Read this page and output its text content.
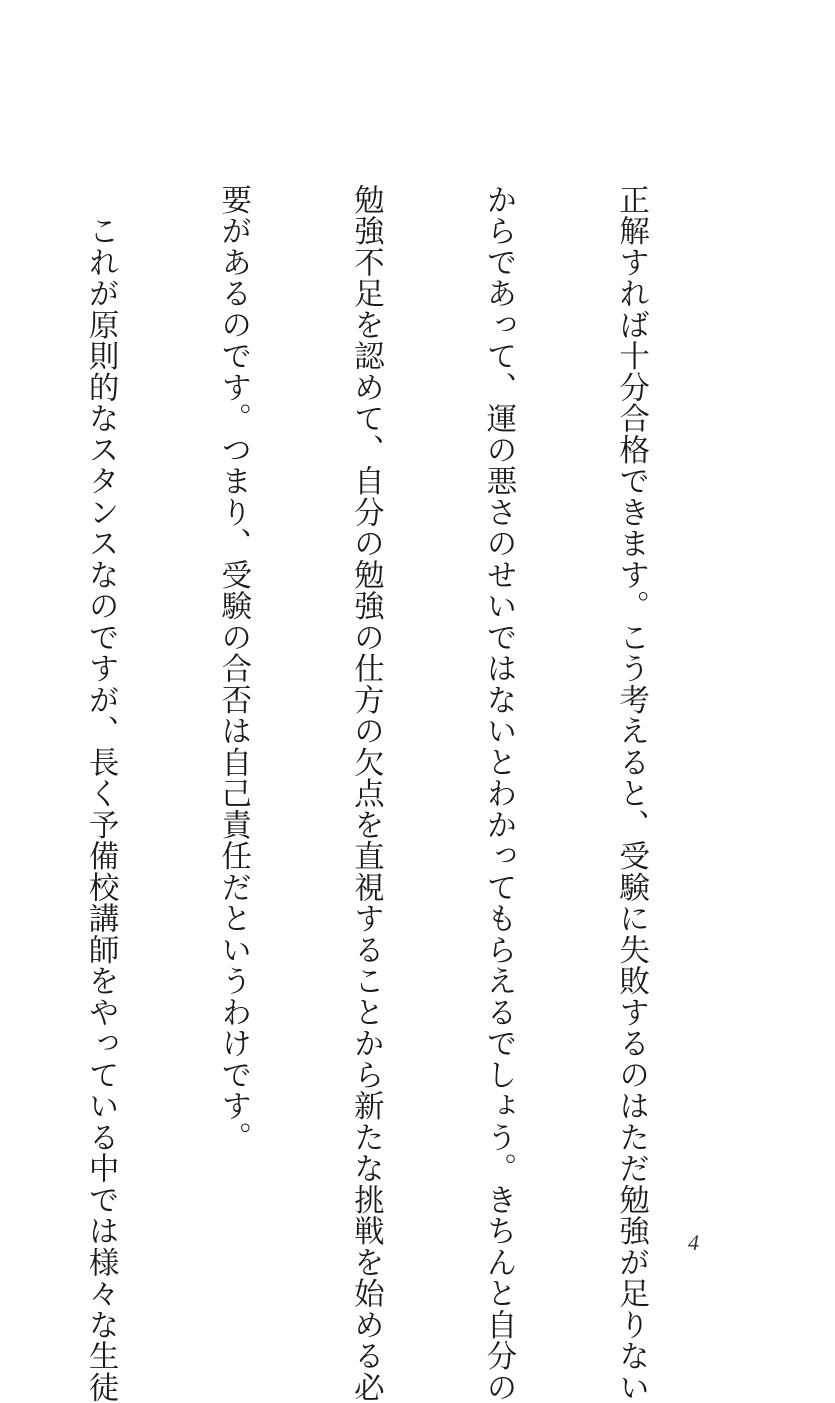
正解すれば十分合格できます。こう考えると、受験に失敗するのはただ勉強が足りない

からであって、運の悪さのせいではないとわかってもらえるでしょう。きちんと自分の

勉強不足を認めて、自分の勉強の仕方の欠点を直視することから新たな挑戦を始める必

要があるのです。つまり、受験の合否は自己責任だというわけです。

　これが原則的なスタンスなのですが、長く予備校講師をやっている中では様々な生徒

	4
